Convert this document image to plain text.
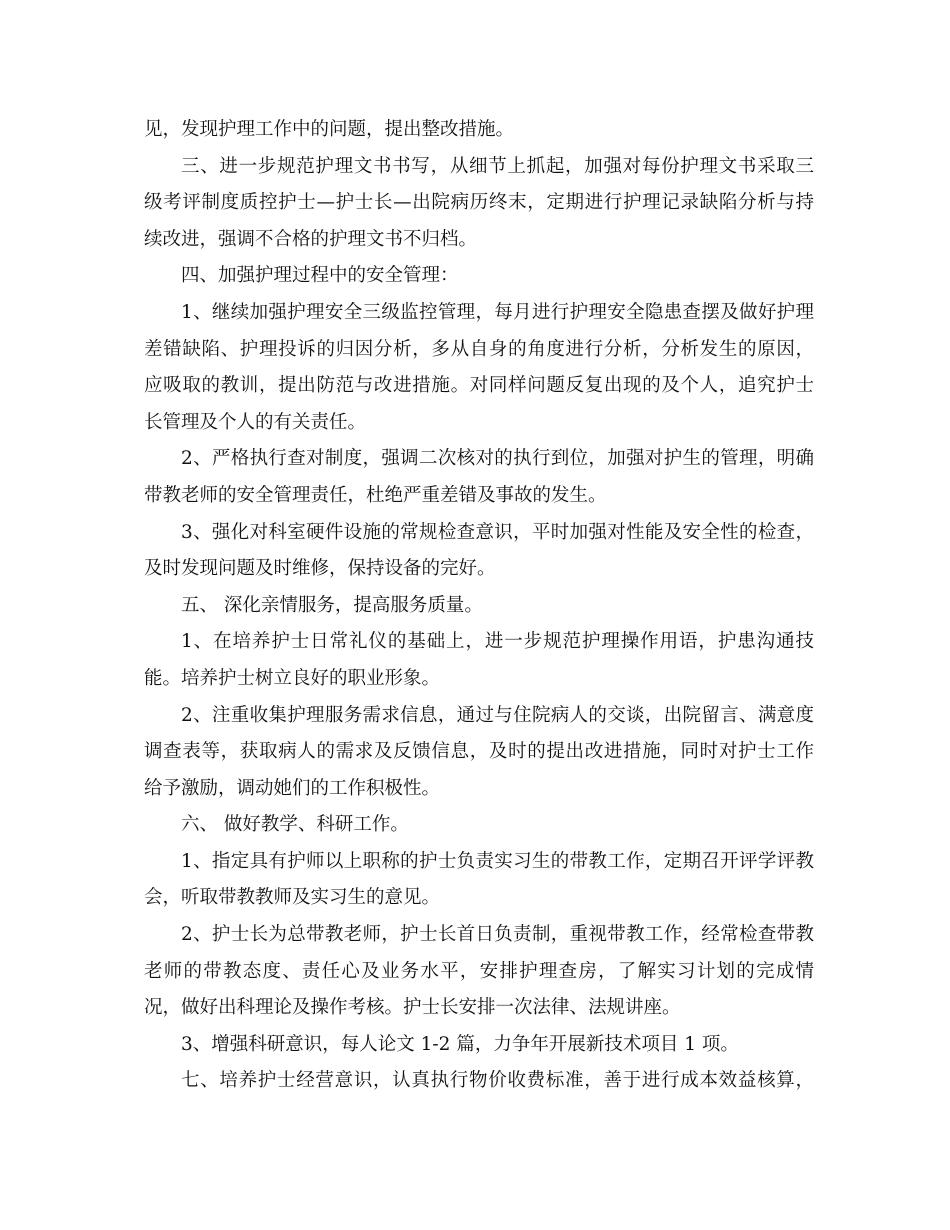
见，发现护理工作中的问题，提出整改措施。
三、进一步规范护理文书书写，从细节上抓起，加强对每份护理文书采取三
级考评制度质控护士—护士长—出院病历终末，定期进行护理记录缺陷分析与持
续改进，强调不合格的护理文书不归档。
四、加强护理过程中的安全管理：
1、继续加强护理安全三级监控管理，每月进行护理安全隐患查摆及做好护理
差错缺陷、护理投诉的归因分析，多从自身的角度进行分析，分析发生的原因，
应吸取的教训，提出防范与改进措施。对同样问题反复出现的及个人，追究护士
长管理及个人的有关责任。
2、严格执行查对制度，强调二次核对的执行到位，加强对护生的管理，明确
带教老师的安全管理责任，杜绝严重差错及事故的发生。
3、强化对科室硬件设施的常规检查意识，平时加强对性能及安全性的检查，
及时发现问题及时维修，保持设备的完好。
五、 深化亲情服务，提高服务质量。
1、在培养护士日常礼仪的基础上，进一步规范护理操作用语，护患沟通技
能。培养护士树立良好的职业形象。
2、注重收集护理服务需求信息，通过与住院病人的交谈，出院留言、满意度
调查表等，获取病人的需求及反馈信息，及时的提出改进措施，同时对护士工作
给予激励，调动她们的工作积极性。
六、 做好教学、科研工作。
1、指定具有护师以上职称的护士负责实习生的带教工作，定期召开评学评教
会，听取带教教师及实习生的意见。
2、护士长为总带教老师，护士长首日负责制，重视带教工作，经常检查带教
老师的带教态度、责任心及业务水平，安排护理查房，了解实习计划的完成情
况，做好出科理论及操作考核。护士长安排一次法律、法规讲座。
3、增强科研意识，每人论文 1-2 篇，力争年开展新技术项目 1 项。
七、培养护士经营意识，认真执行物价收费标准，善于进行成本效益核算，
